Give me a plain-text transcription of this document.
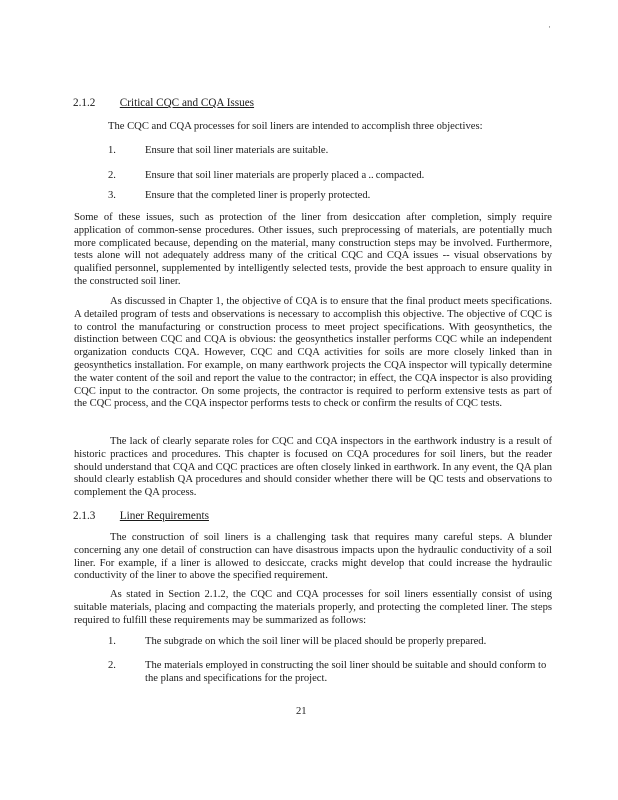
·
2.1.2 Critical CQC and CQA Issues
The CQC and CQA processes for soil liners are intended to accomplish three objectives:
1.	Ensure that soil liner materials are suitable.
2.	Ensure that soil liner materials are properly placed a .. compacted.
3.	Ensure that the completed liner is properly protected.

Some of these issues, such as protection of the liner from desiccation after completion, simply require application of common-sense procedures. Other issues, such preprocessing of materials, are potentially much more complicated because, depending on the material, many construction steps may be involved. Furthermore, tests alone will not adequately address many of the critical CQC and CQA issues -- visual observations by qualified personnel, supplemented by intelligently selected tests, provide the best approach to ensure quality in the constructed soil liner.

As discussed in Chapter 1, the objective of CQA is to ensure that the final product meets specifications. A detailed program of tests and observations is necessary to accomplish this objective. The objective of CQC is to control the manufacturing or construction process to meet project specifications. With geosynthetics, the distinction between CQC and CQA is obvious: the geosynthetics installer performs CQC while an independent organization conducts CQA. However, CQC and CQA activities for soils are more closely linked than in geosynthetics installation. For example, on many earthwork projects the CQA inspector will typically determine the water content of the soil and report the value to the contractor; in effect, the CQA inspector is also providing CQC input to the contractor. On some projects, the contractor is required to perform extensive tests as part of the CQC process, and the CQA inspector performs tests to check or confirm the results of CQC tests.

The lack of clearly separate roles for CQC and CQA inspectors in the earthwork industry is a result of historic practices and procedures. This chapter is focused on CQA procedures for soil liners, but the reader should understand that CQA and CQC practices are often closely linked in earthwork. In any event, the QA plan should clearly establish QA procedures and should consider whether there will be QC tests and observations to complement the QA process.

2.1.3 Liner Requirements

The construction of soil liners is a challenging task that requires many careful steps. A blunder concerning any one detail of construction can have disastrous impacts upon the hydraulic conductivity of a soil liner. For example, if a liner is allowed to desiccate, cracks might develop that could increase the hydraulic conductivity of the liner to above the specified requirement.

As stated in Section 2.1.2, the CQC and CQA processes for soil liners essentially consist of using suitable materials, placing and compacting the materials properly, and protecting the completed liner. The steps required to fulfill these requirements may be summarized as follows:

1.	The subgrade on which the soil liner will be placed should be properly prepared.
2.	The materials employed in constructing the soil liner should be suitable and should conform to the plans and specifications for the project.
21
